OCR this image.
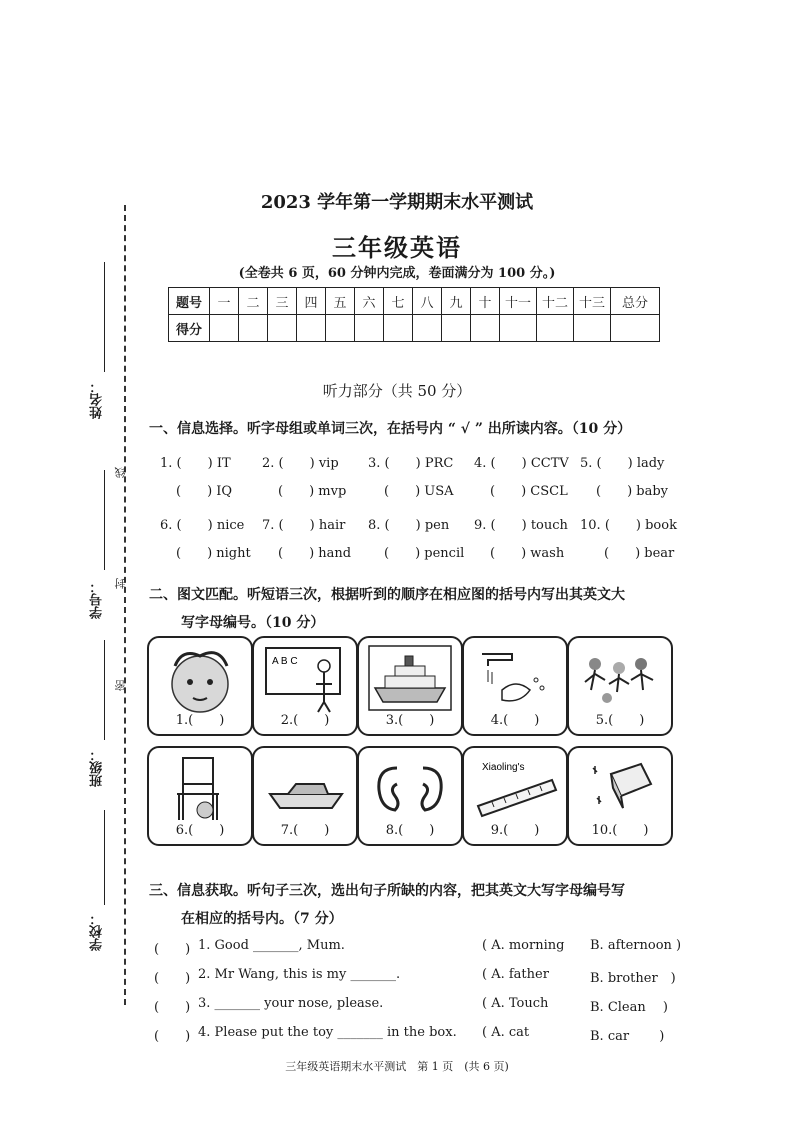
2023 学年第一学期期末水平测试
三年级英语
(全卷共 6 页，60 分钟内完成，卷面满分为 100 分。)
题号	一	二	三	四	五	六	七	八	九	十	十一	十二	十三	总分
得分														
姓名：
学号：
班级：
学校：
线
封
密
听力部分（共 50 分）
一、信息选择。听字母组或单词三次，在括号内 “ √ ” 出所读内容。（10 分）
1. (　　) IT
(　　) IQ
2. (　　) vip
(　　) mvp
3. (　　) PRC
(　　) USA
4. (　　) CCTV
(　　) CSCL
5. (　　) lady
(　　) baby
6. (　　) nice
(　　) night
7. (　　) hair
(　　) hand
8. (　　) pen
(　　) pencil
9. (　　) touch
(　　) wash
10. (　　) book
(　　) bear
二、图文匹配。听短语三次，根据听到的顺序在相应图的括号内写出其英文大
写字母编号。（10 分）
1.(　　)
A B C
2.(　　)	3.(　　)	4.(　　)	5.(　　)
6.(　　)	7.(　　)	8.(　　)
Xiaoling's
9.(　　)	10.(　　)
三、信息获取。听句子三次，选出句子所缺的内容，把其英文大写字母编号写
在相应的括号内。（7 分）
(　　) 1. Good _______, Mum.	( A. morning B. afternoon )
(　　) 2. Mr Wang, this is my _______.	( A. father	B. brother　)
(　　) 3. _______ your nose, please.	( A. Touch	B. Clean　 )
(　　) 4. Please put the toy _______ in the box. ( A. cat	B. car　　 )
三年级英语期末水平测试　第 1 页　(共 6 页)
